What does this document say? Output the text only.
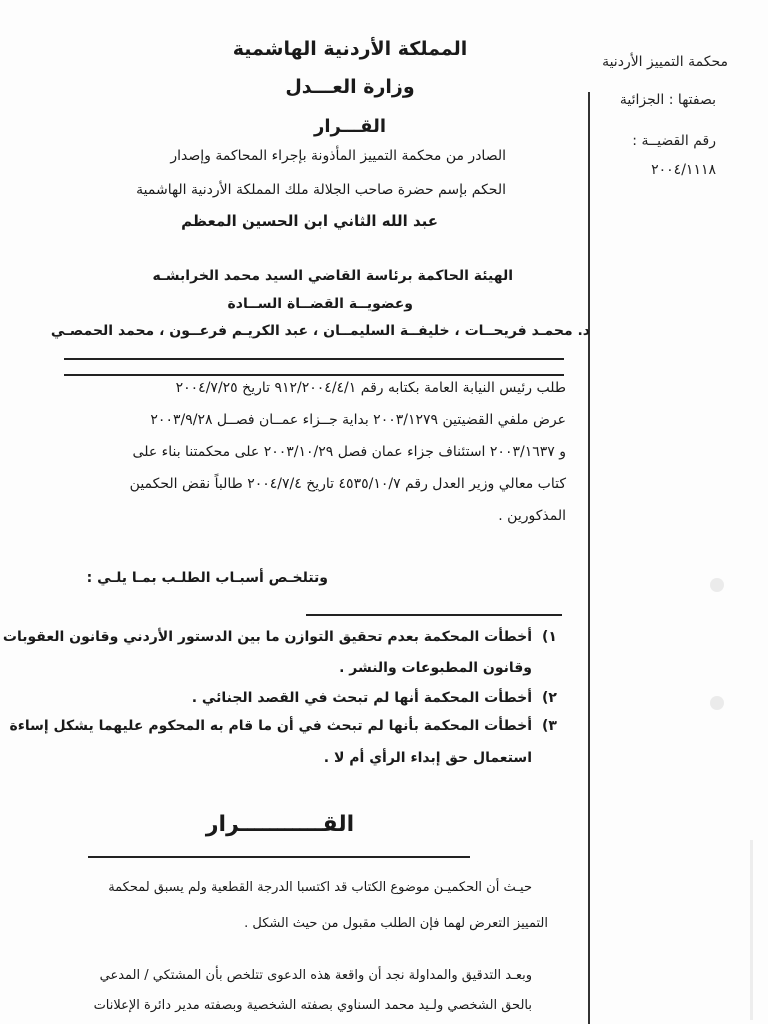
محكمة التمييز الأردنية
بصفتها : الجزائية
رقم القضيــة :
٢٠٠٤/١١١٨
المملكة الأردنية الهاشمية
وزارة العـــدل
القـــرار
الصادر من محكمة التمييز المأذونة بإجراء المحاكمة وإصدار
الحكم بإسم حضرة صاحب الجلالة ملك المملكة الأردنية الهاشمية
عبد الله الثاني ابن الحسين المعظم
الهيئة الحاكمة برئاسة القاضي السيد محمد الخرابشـه
وعضويــة القضــاة الســادة
د. محمـد فريحــات ، خليفــة السليمــان ، عبد الكريـم فرعــون ، محمد الحمصـي
طلب رئيس النيابة العامة بكتابه رقم ٩١٢/٢٠٠٤/٤/١ تاريخ ٢٠٠٤/٧/٢٥
عرض ملفي القضيتين ٢٠٠٣/١٢٧٩ بداية جــزاء عمــان فصــل ٢٠٠٣/٩/٢٨
و ٢٠٠٣/١٦٣٧ استئناف جزاء عمان فصل ٢٠٠٣/١٠/٢٩ على محكمتنا بناء على
كتاب معالي وزير العدل رقم ٤٥٣٥/١٠/٧ تاريخ ٢٠٠٤/٧/٤ طالباً نقض الحكمين
المذكورين .
وتتلخـص أسبـاب الطلـب بمـا يلـي :
١)
أخطأت المحكمة بعدم تحقيق التوازن ما بين الدستور الأردني وقانون العقوبات
وقانون المطبوعات والنشر .
٢)
أخطأت المحكمة أنها لم تبحث في القصد الجنائي .
٣)
أخطأت المحكمة بأنها لم تبحث في أن ما قام به المحكوم عليهما يشكل إساءة
استعمال حق إبداء الرأي أم لا .
القـــــــــــرار
حيـث أن الحكميـن موضوع الكتاب قد اكتسبا الدرجة القطعية ولم يسبق لمحكمة
التمييز التعرض لهما فإن الطلب مقبول من حيث الشكل .
وبعـد التدقيق والمداولة نجد أن واقعة هذه الدعوى تتلخص بأن المشتكي / المدعي
بالحق الشخصي ولـيد محمد السناوي بصفته الشخصية وبصفته مدير دائرة الإعلانات
